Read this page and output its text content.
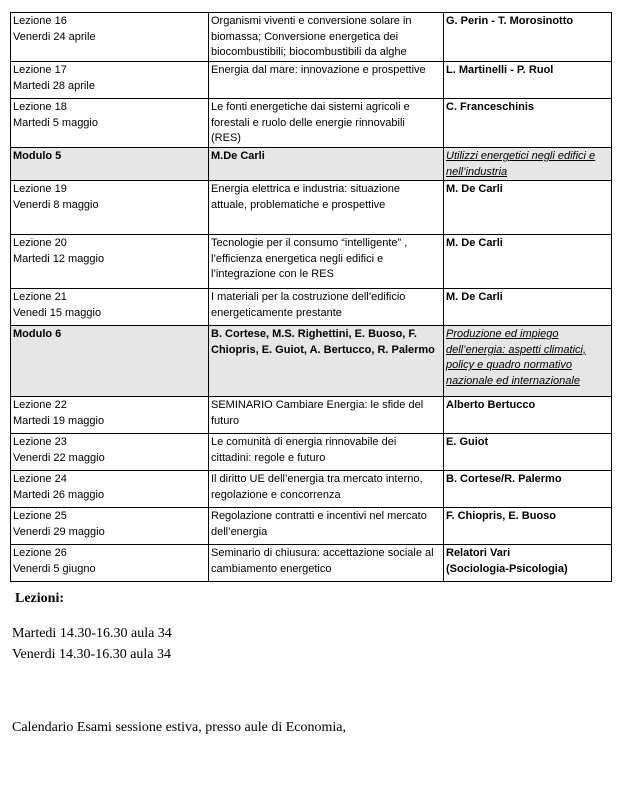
Lezione 16
Venerdi 24 aprile	Organismi viventi e conversione solare in
biomassa; Conversione energetica dei
biocombustibili; biocombustibili da alghe	G. Perin - T. Morosinotto

Lezione 17
Martedi 28 aprile	Energia dal mare: innovazione e prospettive	L. Martinelli - P. Ruol

Lezione 18
Martedi 5 maggio	Le fonti energetiche dai sistemi agricoli e
forestali e ruolo delle energie rinnovabili
(RES)	C. Franceschinis

Modulo 5	M.De Carli	Utilizzi energetici negli edifici e
nell’industria

Lezione 19
Venerdi 8 maggio	Energia elettrica e industria: situazione
attuale, problematiche e prospettive	M. De Carli

Lezione 20
Martedi 12 maggio	Tecnologie per il consumo “intelligente” ,
l’efficienza energetica negli edifici e
l’integrazione con le RES	M. De Carli

Lezione 21
Venedi 15 maggio	I materiali per la costruzione dell’edificio
energeticamente prestante	M. De Carli

Modulo 6	B. Cortese, M.S. Righettini, E. Buoso, F.
Chiopris, E. Guiot, A. Bertucco, R. Palermo	Produzione ed impiego
dell’energia: aspetti climatici,
policy e quadro normativo
nazionale ed internazionale

Lezione 22
Martedi 19 maggio	SEMINARIO Cambiare Energia: le sfide del
futuro	Alberto Bertucco

Lezione 23
Venerdi 22 maggio	Le comunità di energia rinnovabile dei
cittadini: regole e futuro	E. Guiot

Lezione 24
Martedi 26 maggio	Il diritto UE dell’energia tra mercato interno,
regolazione e concorrenza	B. Cortese/R. Palermo

Lezione 25
Venerdi 29 maggio	Regolazione contratti e incentivi nel mercato
dell’energia	F. Chiopris, E. Buoso

Lezione 26
Venerdi 5 giugno	Seminario di chiusura: accettazione sociale al
cambiamento energetico	Relatori Vari
(Sociologia-Psicologia)
Lezioni:
Martedi 14.30-16.30 aula 34
Venerdi 14.30-16.30 aula 34
Calendario Esami sessione estiva, presso aule di Economia,
